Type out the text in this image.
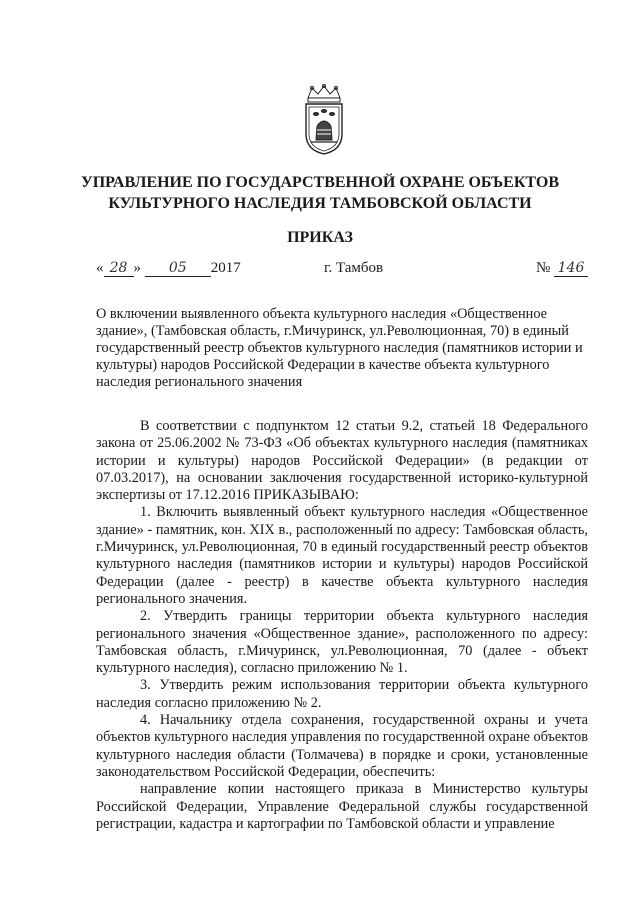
УПРАВЛЕНИЕ ПО ГОСУДАРСТВЕННОЙ ОХРАНЕ ОБЪЕКТОВ КУЛЬТУРНОГО НАСЛЕДИЯ ТАМБОВСКОЙ ОБЛАСТИ
ПРИКАЗ
« 28 » 05 2017	г. Тамбов	№ 146

О включении выявленного объекта культурного наследия «Общественное здание», (Тамбовская область, г.Мичуринск, ул.Революционная, 70) в единый государственный реестр объектов культурного наследия (памятников истории и культуры) народов Российской Федерации в качестве объекта культурного наследия регионального значения

В соответствии с подпунктом 12 статьи 9.2, статьей 18 Федерального закона от 25.06.2002 № 73-ФЗ «Об объектах культурного наследия (памятниках истории и культуры) народов Российской Федерации» (в редакции от 07.03.2017), на основании заключения государственной историко-культурной экспертизы от 17.12.2016 ПРИКАЗЫВАЮ:

1. Включить выявленный объект культурного наследия «Общественное здание» - памятник, кон. XIX в., расположенный по адресу: Тамбовская область, г.Мичуринск, ул.Революционная, 70 в единый государственный реестр объектов культурного наследия (памятников истории и культуры) народов Российской Федерации (далее - реестр) в качестве объекта культурного наследия регионального значения.

2. Утвердить границы территории объекта культурного наследия регионального значения «Общественное здание», расположенного по адресу: Тамбовская область, г.Мичуринск, ул.Революционная, 70 (далее - объект культурного наследия), согласно приложению № 1.

3. Утвердить режим использования территории объекта культурного наследия согласно приложению № 2.

4. Начальнику отдела сохранения, государственной охраны и учета объектов культурного наследия управления по государственной охране объектов культурного наследия области (Толмачева) в порядке и сроки, установленные законодательством Российской Федерации, обеспечить:

направление копии настоящего приказа в Министерство культуры Российской Федерации, Управление Федеральной службы государственной регистрации, кадастра и картографии по Тамбовской области и управление
